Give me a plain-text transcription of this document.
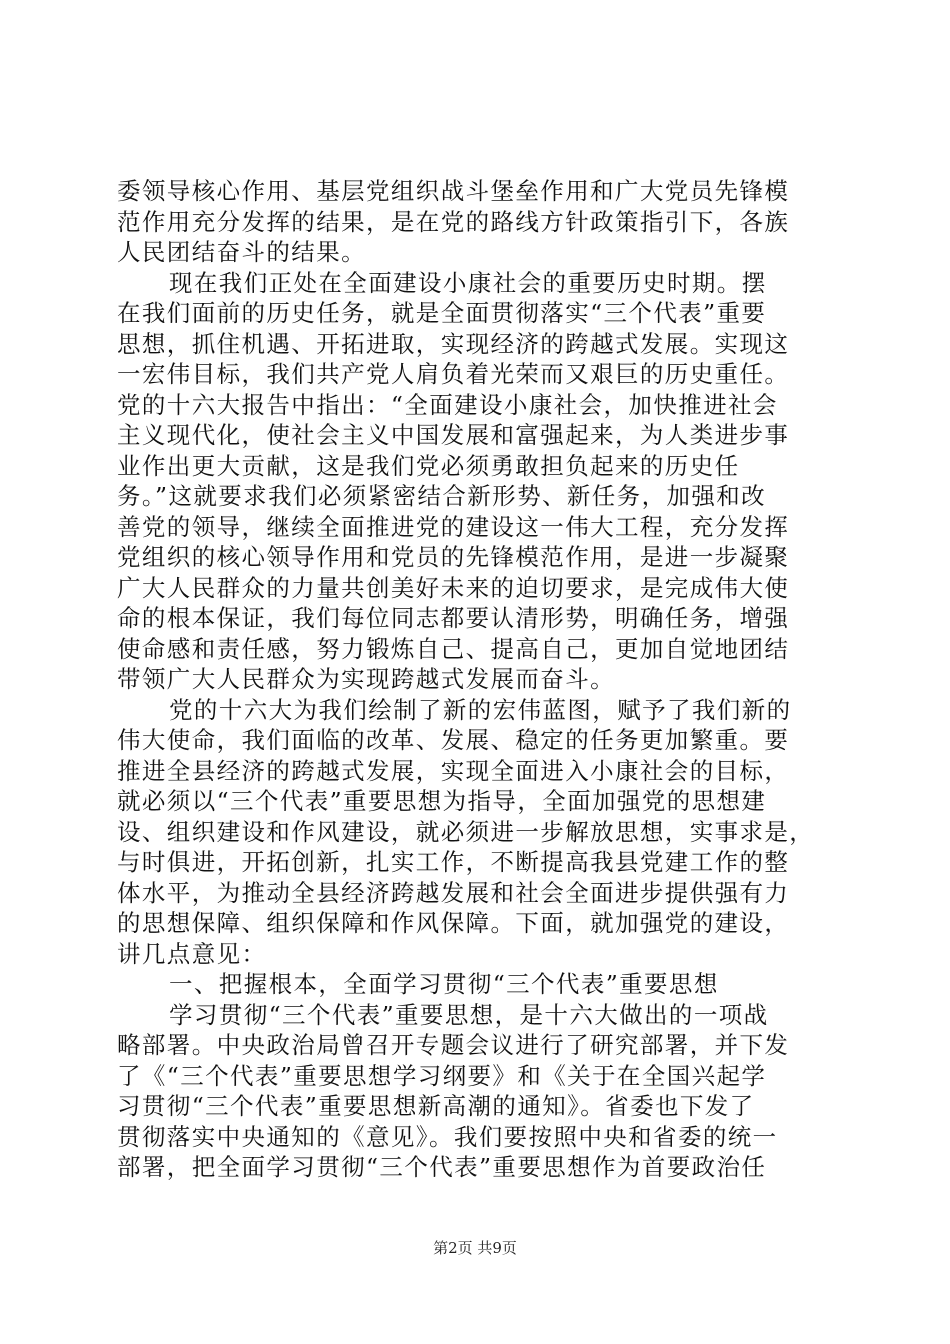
委领导核心作用、基层党组织战斗堡垒作用和广大党员先锋模
范作用充分发挥的结果，是在党的路线方针政策指引下，各族
人民团结奋斗的结果。
现在我们正处在全面建设小康社会的重要历史时期。摆
在我们面前的历史任务，就是全面贯彻落实“三个代表”重要
思想，抓住机遇、开拓进取，实现经济的跨越式发展。实现这
一宏伟目标，我们共产党人肩负着光荣而又艰巨的历史重任。
党的十六大报告中指出：“全面建设小康社会，加快推进社会
主义现代化，使社会主义中国发展和富强起来，为人类进步事
业作出更大贡献，这是我们党必须勇敢担负起来的历史任
务。”这就要求我们必须紧密结合新形势、新任务，加强和改
善党的领导，继续全面推进党的建设这一伟大工程，充分发挥
党组织的核心领导作用和党员的先锋模范作用，是进一步凝聚
广大人民群众的力量共创美好未来的迫切要求，是完成伟大使
命的根本保证，我们每位同志都要认清形势，明确任务，增强
使命感和责任感，努力锻炼自己、提高自己，更加自觉地团结
带领广大人民群众为实现跨越式发展而奋斗。
党的十六大为我们绘制了新的宏伟蓝图，赋予了我们新的
伟大使命，我们面临的改革、发展、稳定的任务更加繁重。要
推进全县经济的跨越式发展，实现全面进入小康社会的目标，
就必须以“三个代表”重要思想为指导，全面加强党的思想建
设、组织建设和作风建设，就必须进一步解放思想，实事求是，
与时俱进，开拓创新，扎实工作，不断提高我县党建工作的整
体水平，为推动全县经济跨越发展和社会全面进步提供强有力
的思想保障、组织保障和作风保障。下面，就加强党的建设，
讲几点意见：
一、把握根本，全面学习贯彻“三个代表”重要思想
学习贯彻“三个代表”重要思想，是十六大做出的一项战
略部署。中央政治局曾召开专题会议进行了研究部署，并下发
了《“三个代表”重要思想学习纲要》和《关于在全国兴起学
习贯彻“三个代表”重要思想新高潮的通知》。省委也下发了
贯彻落实中央通知的《意见》。我们要按照中央和省委的统一
部署，把全面学习贯彻“三个代表”重要思想作为首要政治任
第2页 共9页
